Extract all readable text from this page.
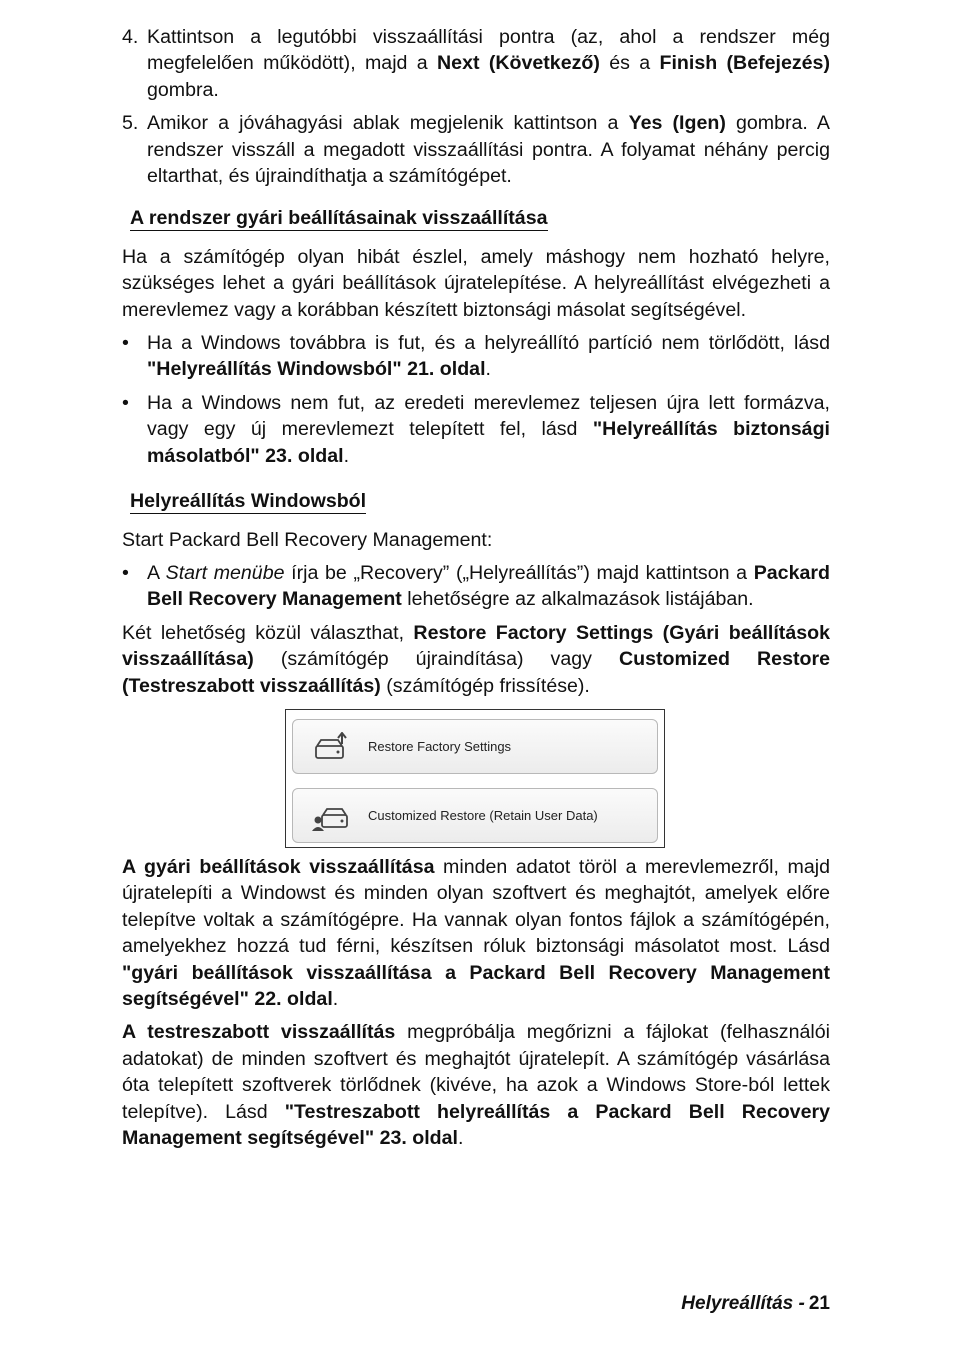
4. Kattintson a legutóbbi visszaállítási pontra (az, ahol a rendszer még megfelelően működött), majd a Next (Következő) és a Finish (Befejezés) gombra.
5. Amikor a jóváhagyási ablak megjelenik kattintson a Yes (Igen) gombra. A rendszer visszáll a megadott visszaállítási pontra. A folyamat néhány percig eltarthat, és újraindíthatja a számítógépet.
A rendszer gyári beállításainak visszaállítása

Ha a számítógép olyan hibát észlel, amely máshogy nem hozható helyre, szükséges lehet a gyári beállítások újratelepítése. A helyreállítást elvégezheti a merevlemez vagy a korábban készített biztonsági másolat segítségével.

• Ha a Windows továbbra is fut, és a helyreállító partíció nem törlődött, lásd "Helyreállítás Windowsból" 21. oldal.
• Ha a Windows nem fut, az eredeti merevlemez teljesen újra lett formázva, vagy egy új merevlemezt telepített fel, lásd "Helyreállítás biztonsági másolatból" 23. oldal.
Helyreállítás Windowsból

Start Packard Bell Recovery Management:

• A Start menübe írja be „Recovery” („Helyreállítás”) majd kattintson a Packard Bell Recovery Management lehetőségre az alkalmazások listájában.

Két lehetőség közül választhat, Restore Factory Settings (Gyári beállítások visszaállítása) (számítógép újraindítása) vagy Customized Restore (Testreszabott visszaállítás) (számítógép frissítése).

Restore Factory Settings
Customized Restore (Retain User Data)

A gyári beállítások visszaállítása minden adatot töröl a merevlemezről, majd újratelepíti a Windowst és minden olyan szoftvert és meghajtót, amelyek előre telepítve voltak a számítógépre. Ha vannak olyan fontos fájlok a számítógépén, amelyekhez hozzá tud férni, készítsen róluk biztonsági másolatot most. Lásd "gyári beállítások visszaállítása a Packard Bell Recovery Management segítségével" 22. oldal.

A testreszabott visszaállítás megpróbálja megőrizni a fájlokat (felhasználói adatokat) de minden szoftvert és meghajtót újratelepít. A számítógép vásárlása óta telepített szoftverek törlődnek (kivéve, ha azok a Windows Store-ból lettek telepítve). Lásd "Testreszabott helyreállítás a Packard Bell Recovery Management segítségével" 23. oldal.

Helyreállítás - 21
